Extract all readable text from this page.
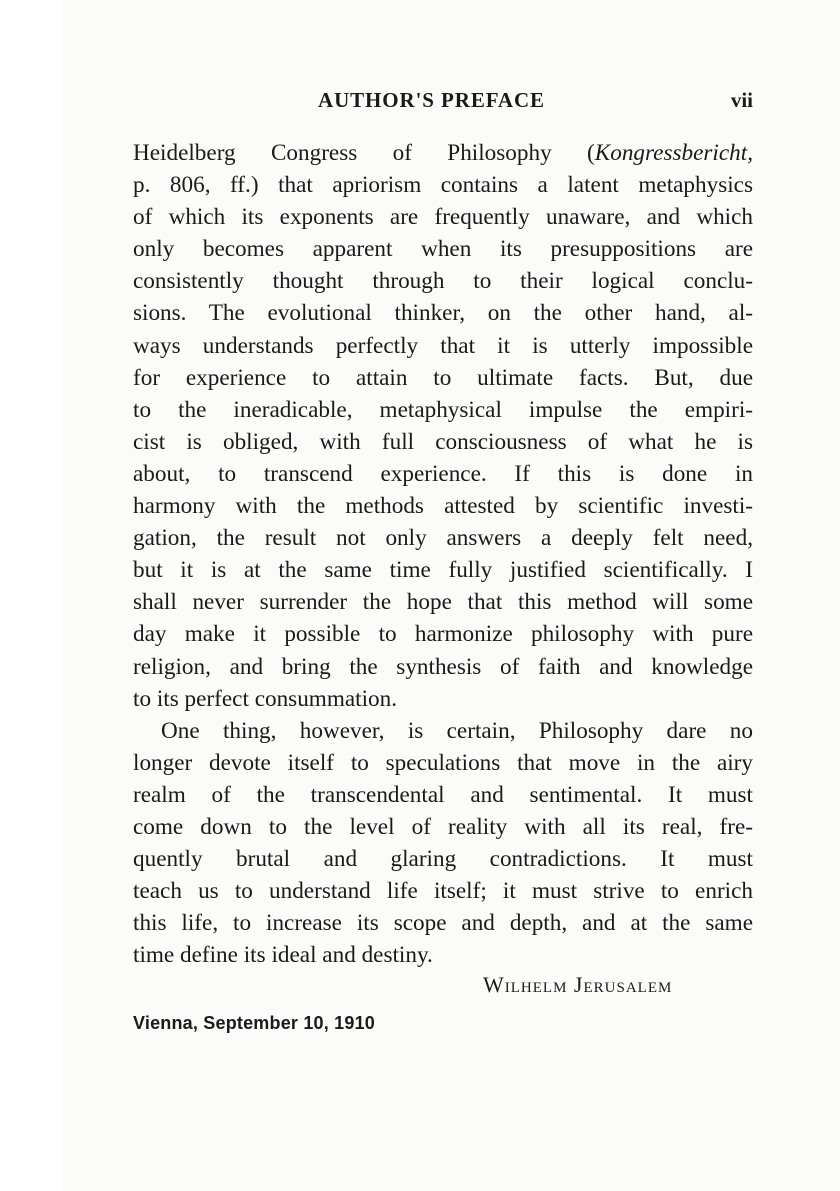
AUTHOR'S PREFACE	vii
Heidelberg Congress of Philosophy (Kongressbericht,
p. 806, ff.) that apriorism contains a latent metaphysics
of which its exponents are frequently unaware, and which
only becomes apparent when its presuppositions are
consistently thought through to their logical conclu-
sions. The evolutional thinker, on the other hand, al-
ways understands perfectly that it is utterly impossible
for experience to attain to ultimate facts. But, due
to the ineradicable, metaphysical impulse the empiri-
cist is obliged, with full consciousness of what he is
about, to transcend experience. If this is done in
harmony with the methods attested by scientific investi-
gation, the result not only answers a deeply felt need,
but it is at the same time fully justified scientifically. I
shall never surrender the hope that this method will some
day make it possible to harmonize philosophy with pure
religion, and bring the synthesis of faith and knowledge
to its perfect consummation.
One thing, however, is certain, Philosophy dare no
longer devote itself to speculations that move in the airy
realm of the transcendental and sentimental. It must
come down to the level of reality with all its real, fre-
quently brutal and glaring contradictions. It must
teach us to understand life itself; it must strive to enrich
this life, to increase its scope and depth, and at the same
time define its ideal and destiny.
Wilhelm Jerusalem
Vienna, September 10, 1910
